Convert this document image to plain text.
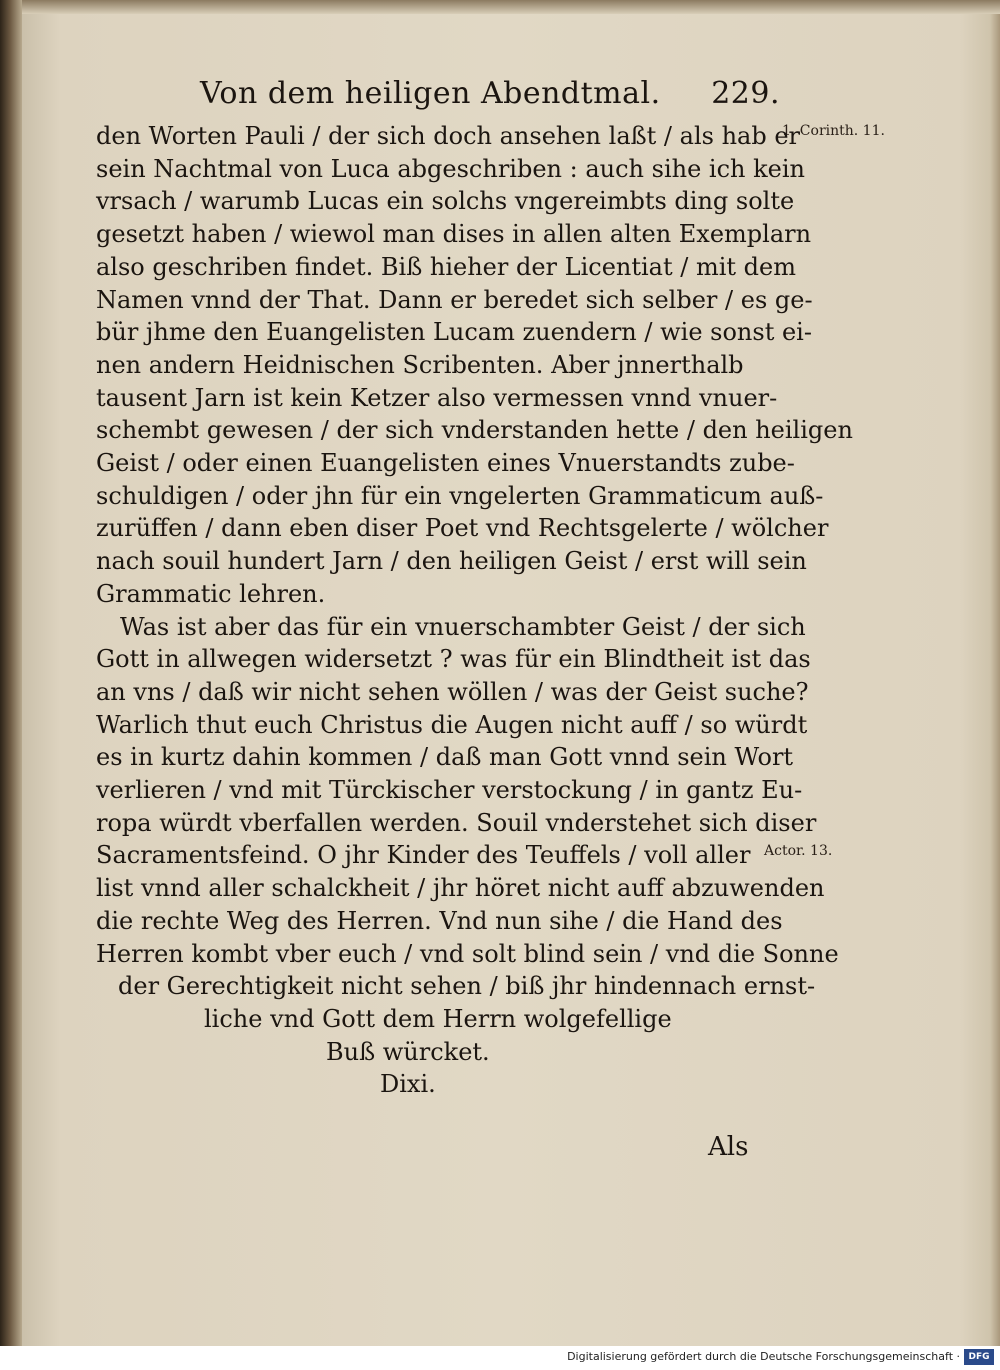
Von dem heiligen Abendtmal. 229.
1. Corinth. 11.
Actor. 13.
den Worten Pauli / der sich doch ansehen laßt / als hab er
sein Nachtmal von Luca abgeschriben : auch sihe ich kein
vrsach / warumb Lucas ein solchs vngereimbts ding solte
gesetzt haben / wiewol man dises in allen alten Exemplarn
also geschriben findet. Biß hieher der Licentiat / mit dem
Namen vnnd der That. Dann er beredet sich selber / es ge-
bür jhme den Euangelisten Lucam zuendern / wie sonst ei-
nen andern Heidnischen Scribenten. Aber jnnerthalb
tausent Jarn ist kein Ketzer also vermessen vnnd vnuer-
schembt gewesen / der sich vnderstanden hette / den heiligen
Geist / oder einen Euangelisten eines Vnuerstandts zube-
schuldigen / oder jhn für ein vngelerten Grammaticum auß-
zurüffen / dann eben diser Poet vnd Rechtsgelerte / wölcher
nach souil hundert Jarn / den heiligen Geist / erst will sein
Grammatic lehren.
Was ist aber das für ein vnuerschambter Geist / der sich
Gott in allwegen widersetzt ? was für ein Blindtheit ist das
an vns / daß wir nicht sehen wöllen / was der Geist suche?
Warlich thut euch Christus die Augen nicht auff / so würdt
es in kurtz dahin kommen / daß man Gott vnnd sein Wort
verlieren / vnd mit Türckischer verstockung / in gantz Eu-
ropa würdt vberfallen werden. Souil vnderstehet sich diser
Sacramentsfeind. O jhr Kinder des Teuffels / voll aller
list vnnd aller schalckheit / jhr höret nicht auff abzuwenden
die rechte Weg des Herren. Vnd nun sihe / die Hand des
Herren kombt vber euch / vnd solt blind sein / vnd die Sonne
der Gerechtigkeit nicht sehen / biß jhr hindennach ernst-
liche vnd Gott dem Herrn wolgefellige
Buß würcket.
Dixi.
Als
Digitalisierung gefördert durch die Deutsche Forschungsgemeinschaft · DFG
